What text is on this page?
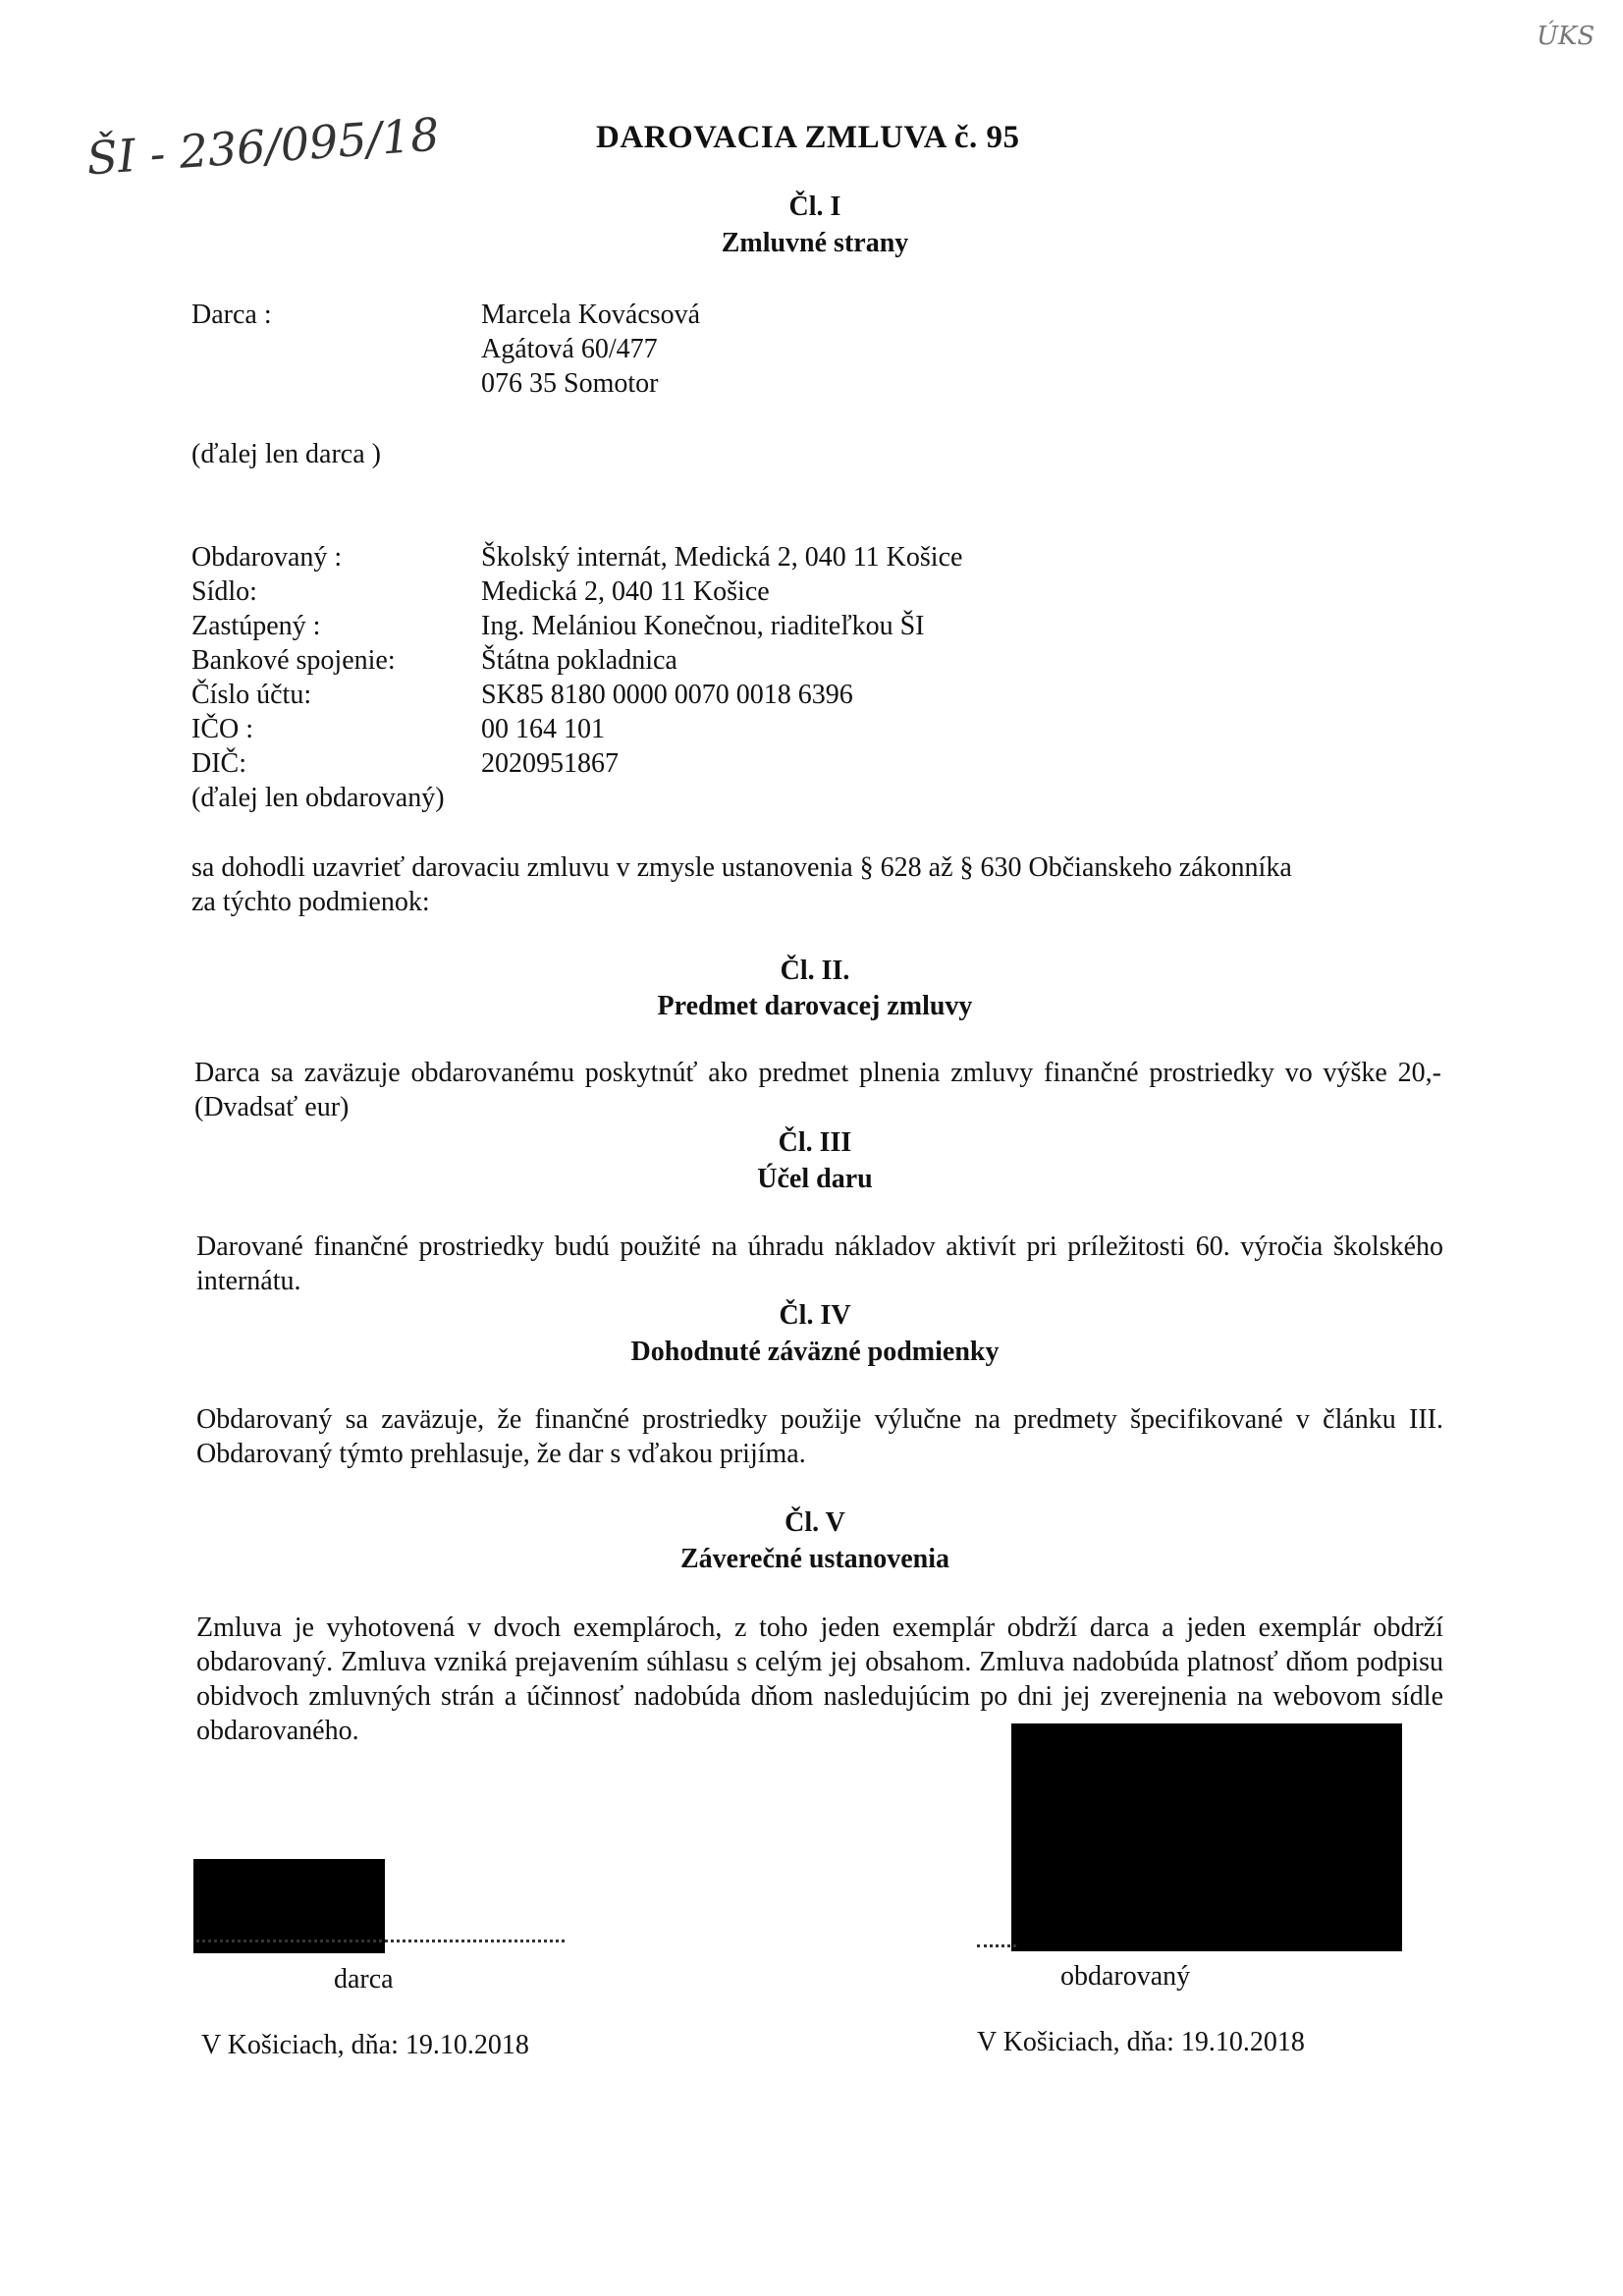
ÚKS
ŠI - 236/095/18	DAROVACIA ZMLUVA č. 95
Čl. I
Zmluvné strany
Darca :	Marcela Kovácsová
Agátová 60/477
076 35 Somotor
(ďalej len darca )
Obdarovaný :	Školský internát, Medická 2, 040 11 Košice
Sídlo:	Medická 2, 040 11 Košice
Zastúpený :	Ing. Melániou Konečnou, riaditeľkou ŠI
Bankové spojenie:	Štátna pokladnica
Číslo účtu:	SK85 8180 0000 0070 0018 6396
IČO :	00 164 101
DIČ:	2020951867
(ďalej len obdarovaný)
sa dohodli uzavrieť darovaciu zmluvu v zmysle ustanovenia § 628 až § 630 Občianskeho zákonníka
za týchto podmienok:
Čl. II.
Predmet darovacej zmluvy
Darca sa zaväzuje obdarovanému poskytnúť ako predmet plnenia zmluvy finančné prostriedky vo výške 20,- (Dvadsať eur)
Čl. III
Účel daru
Darované finančné prostriedky budú použité na úhradu nákladov aktivít pri príležitosti 60. výročia školského internátu.
Čl. IV
Dohodnuté záväzné podmienky
Obdarovaný sa zaväzuje, že finančné prostriedky použije výlučne na predmety špecifikované v článku III. Obdarovaný týmto prehlasuje, že dar s vďakou prijíma.
Čl. V
Záverečné ustanovenia
Zmluva je vyhotovená v dvoch exemplároch, z toho jeden exemplár obdrží darca a jeden exemplár obdrží obdarovaný. Zmluva vzniká prejavením súhlasu s celým jej obsahom. Zmluva nadobúda platnosť dňom podpisu obidvoch zmluvných strán a účinnosť nadobúda dňom nasledujúcim po dni jej zverejnenia na webovom sídle obdarovaného.
darca	obdarovaný
V Košiciach, dňa: 19.10.2018	V Košiciach, dňa: 19.10.2018
